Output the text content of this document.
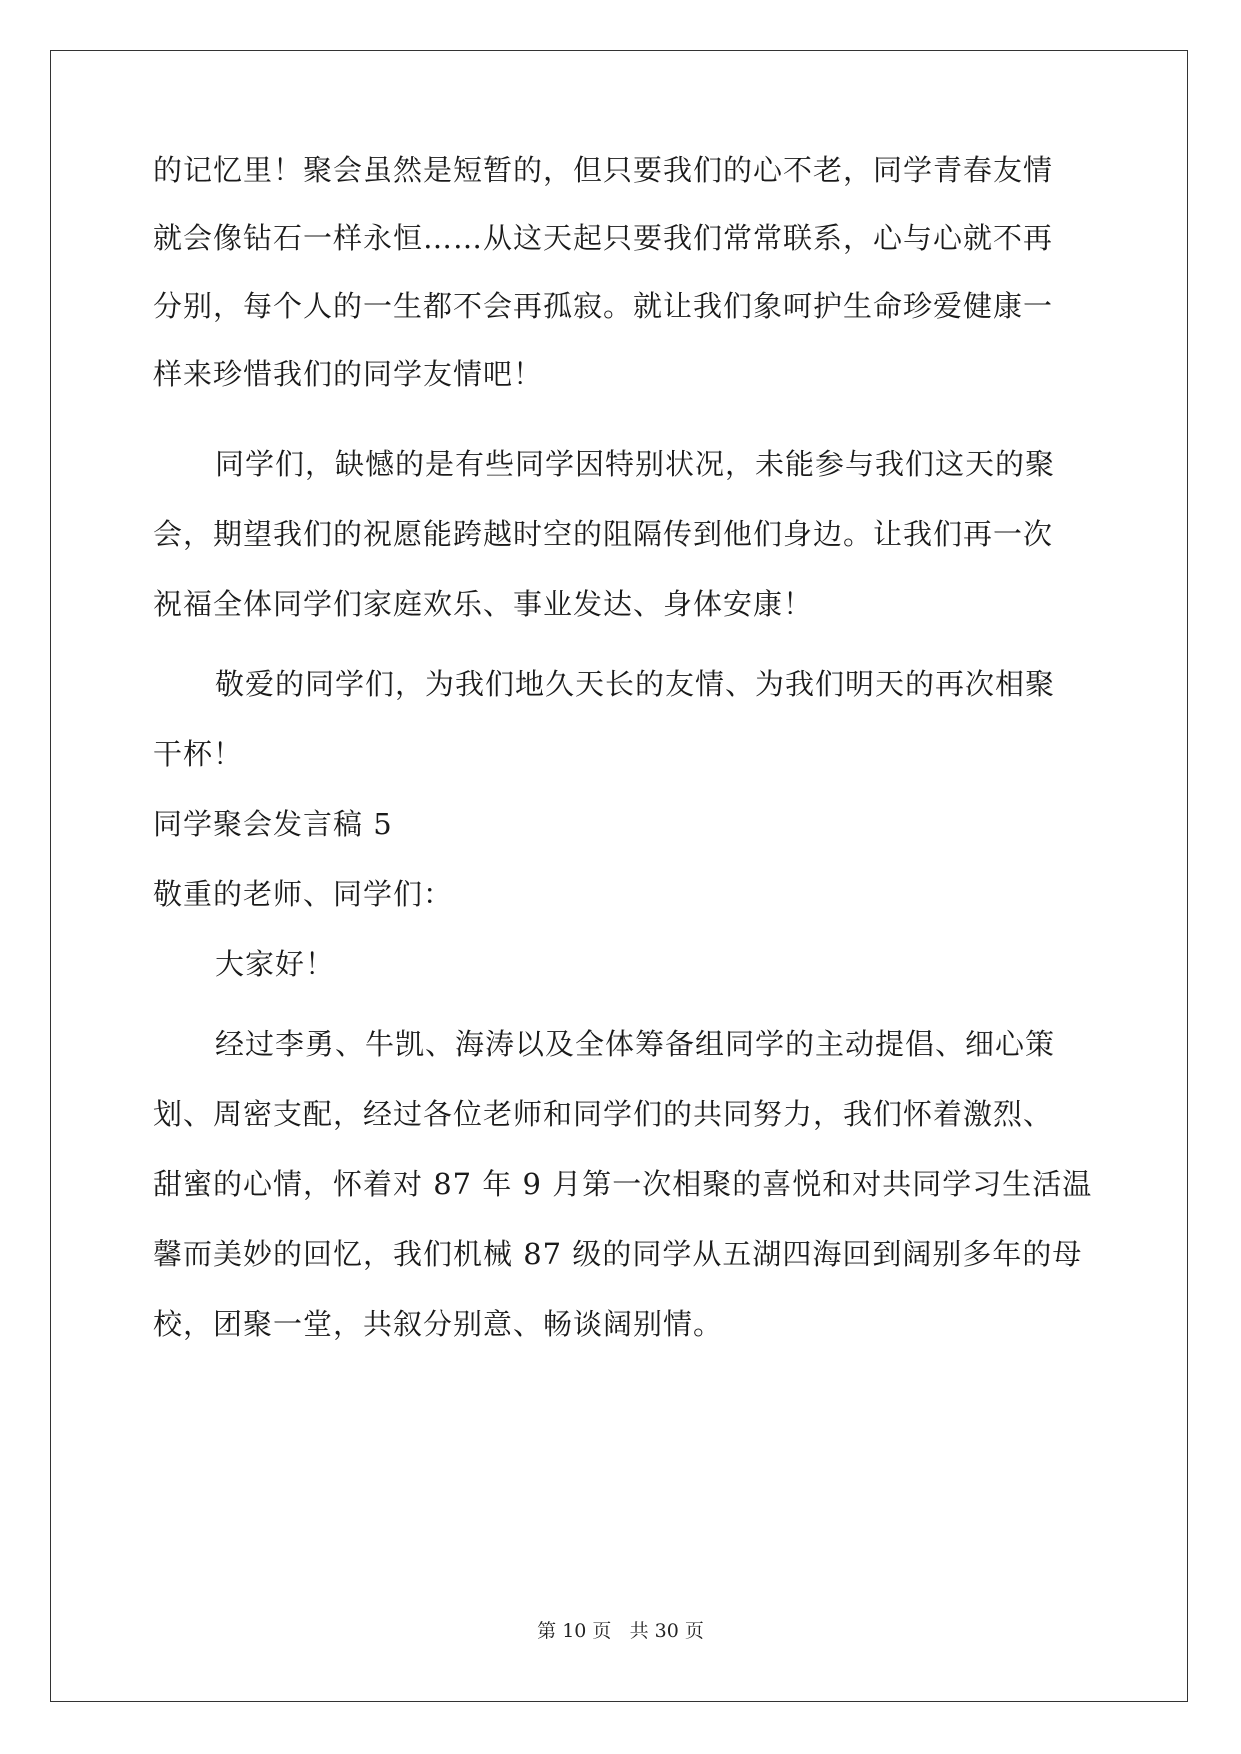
的记忆里！聚会虽然是短暂的，但只要我们的心不老，同学青春友情
就会像钻石一样永恒……从这天起只要我们常常联系，心与心就不再
分别，每个人的一生都不会再孤寂。就让我们象呵护生命珍爱健康一
样来珍惜我们的同学友情吧！
同学们，缺憾的是有些同学因特别状况，未能参与我们这天的聚
会，期望我们的祝愿能跨越时空的阻隔传到他们身边。让我们再一次
祝福全体同学们家庭欢乐、事业发达、身体安康！
敬爱的同学们，为我们地久天长的友情、为我们明天的再次相聚
干杯！
同学聚会发言稿 5
敬重的老师、同学们：
大家好！
经过李勇、牛凯、海涛以及全体筹备组同学的主动提倡、细心策
划、周密支配，经过各位老师和同学们的共同努力，我们怀着激烈、
甜蜜的心情，怀着对 87 年 9 月第一次相聚的喜悦和对共同学习生活温
馨而美妙的回忆，我们机械 87 级的同学从五湖四海回到阔别多年的母
校，团聚一堂，共叙分别意、畅谈阔别情。
第 10 页 共 30 页
